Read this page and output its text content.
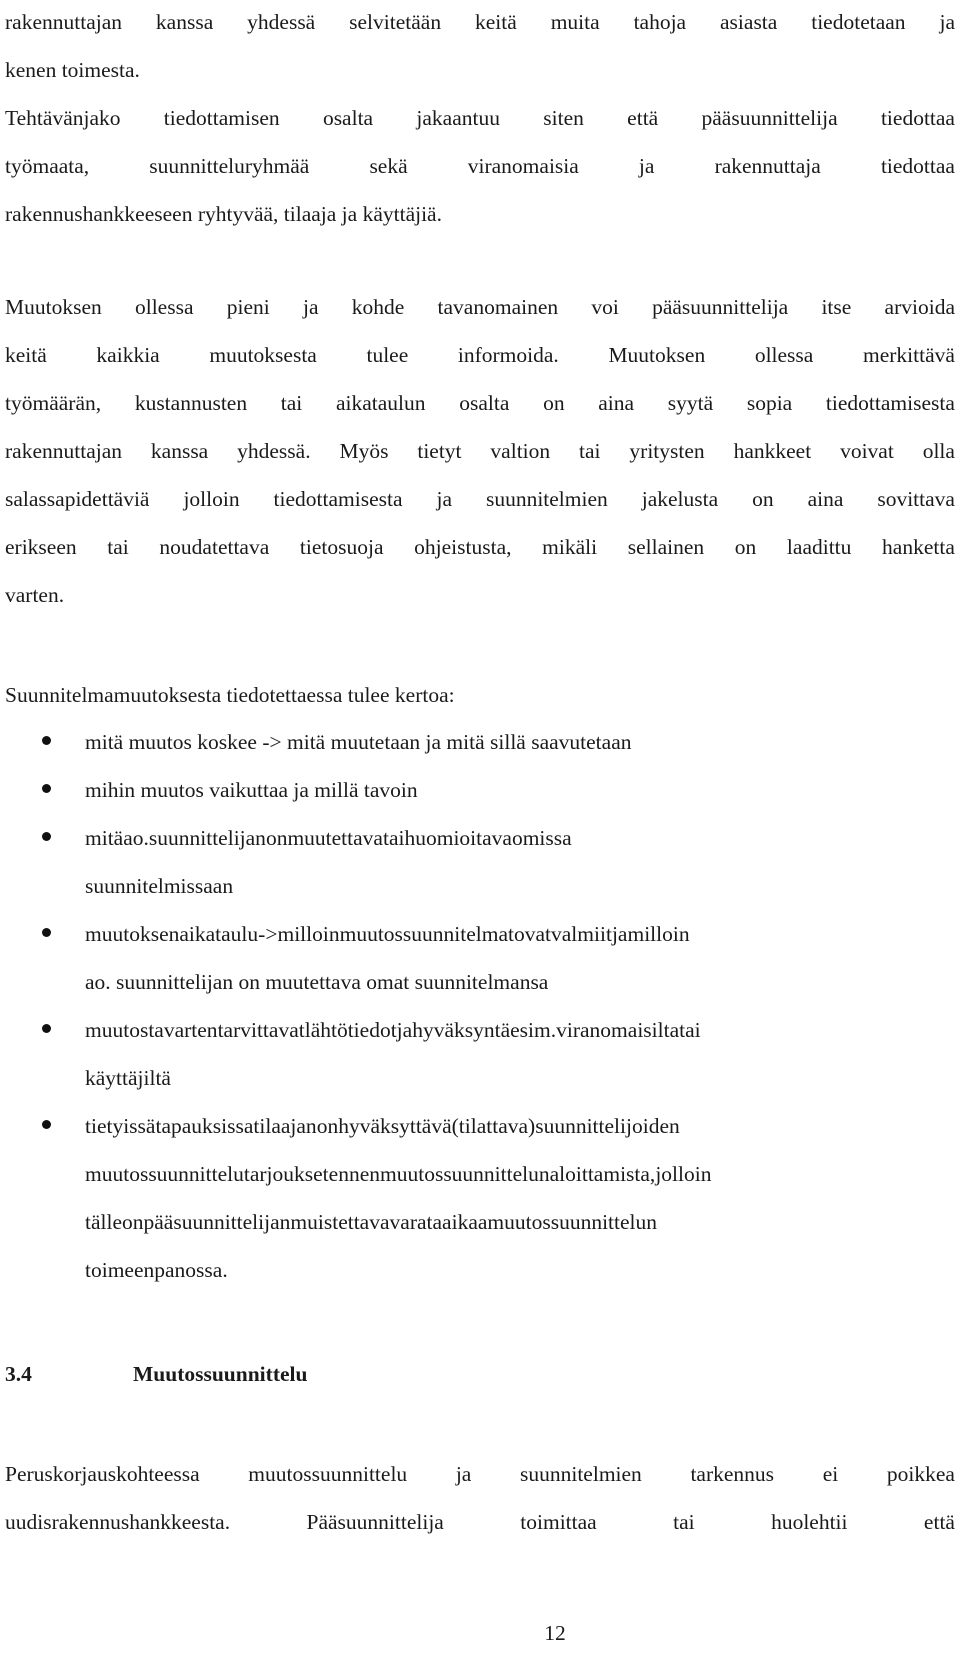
rakennuttajan kanssa yhdessä selvitetään keitä muita tahoja asiasta tiedotetaan ja
kenen toimesta.
Tehtävänjako tiedottamisen osalta jakaantuu siten että pääsuunnittelija tiedottaa
työmaata,	suunnitteluryhmää	sekä	viranomaisia	ja	rakennuttaja	tiedottaa
rakennushankkeeseen ryhtyvää, tilaaja ja käyttäjiä.
Muutoksen ollessa pieni ja kohde tavanomainen voi pääsuunnittelija itse arvioida
keitä kaikkia muutoksesta tulee informoida. Muutoksen ollessa merkittävä
työmäärän, kustannusten tai aikataulun osalta on aina syytä sopia tiedottamisesta
rakennuttajan kanssa yhdessä. Myös tietyt valtion tai yritysten hankkeet voivat olla
salassapidettäviä jolloin tiedottamisesta ja suunnitelmien jakelusta on aina sovittava
erikseen tai noudatettava tietosuoja ohjeistusta, mikäli sellainen on laadittu hanketta
varten.
Suunnitelmamuutoksesta tiedotettaessa tulee kertoa:
mitä muutos koskee -> mitä muutetaan ja mitä sillä saavutetaan
mihin muutos vaikuttaa ja millä tavoin
mitäao.suunnittelijanonmuutettavataihuomioitavaomissa
suunnitelmissaan
muutoksenaikataulu->milloinmuutossuunnitelmatovatvalmiitjamilloin
ao. suunnittelijan on muutettava omat suunnitelmansa
muutostavartentarvittavatlähtötiedotjahyväksyntäesim.viranomaisiltatai
käyttäjiltä
tietyissätapauksissatilaajanonhyväksyttävä(tilattava)suunnittelijoiden
muutossuunnittelutarjouksetennenmuutossuunnittelunaloittamista,jolloin
tälleonpääsuunnittelijanmuistettavavarataaikaamuutossuunnittelun
toimeenpanossa.
3.4	Muutossuunnittelu
Peruskorjauskohteessa muutossuunnittelu ja suunnitelmien tarkennus ei poikkea
uudisrakennushankkeesta.	Pääsuunnittelija	toimittaa	tai	huolehtii	että
12
